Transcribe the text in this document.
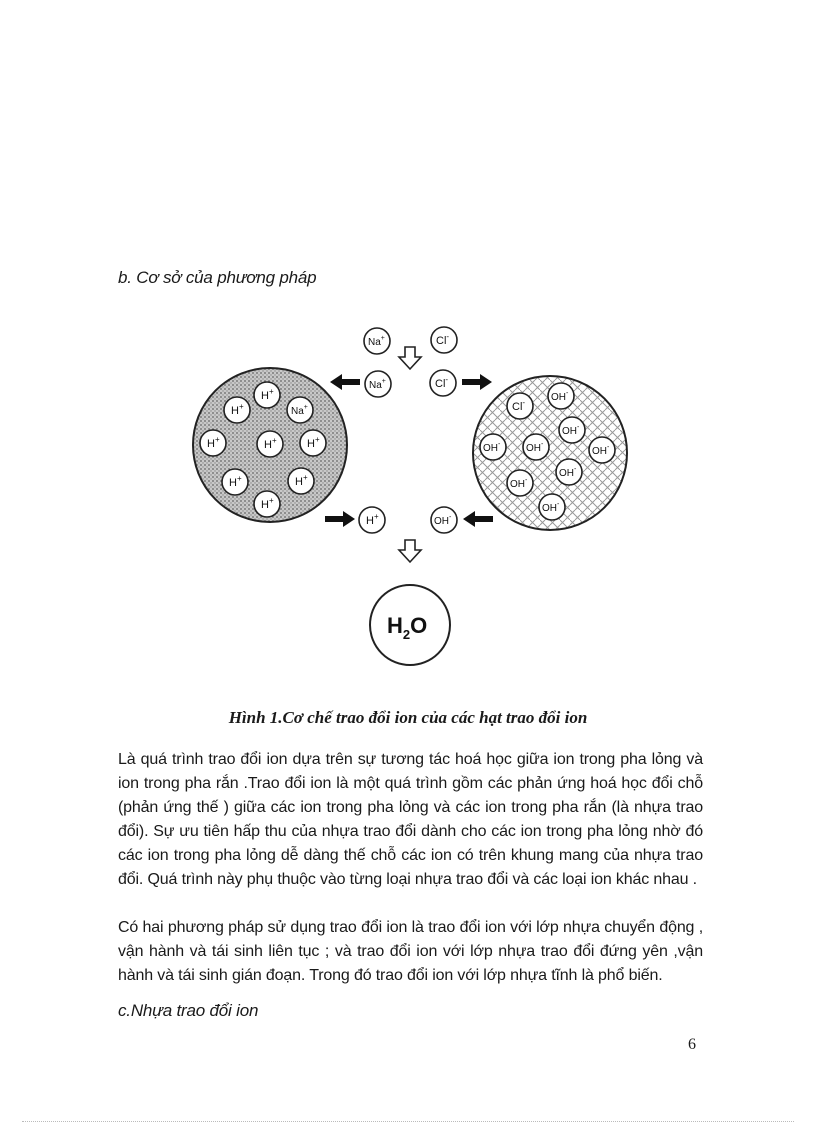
b. Cơ sở của phương pháp
H+
H+	Na+
H+	H+	H+
H+	H+
H+
Cl-	OH-
OH-
OH-	OH-
OH-
OH-
OH-
OH-
Na+	Cl-
Na+	Cl-
H+	OH-
$H_2O$
Hình 1.Cơ chế trao đổi ion của các hạt trao đổi ion
Là quá trình trao đổi ion dựa trên sự tương tác hoá học giữa ion trong pha lỏng và ion trong pha rắn .Trao đổi ion là một quá trình gồm các phản ứng hoá học đổi chỗ (phản ứng thế ) giữa các ion trong pha lỏng và các ion trong pha rắn (là nhựa trao đổi). Sự ưu tiên hấp thu của nhựa trao đổi dành cho các ion trong pha lỏng nhờ đó các ion trong pha lỏng dễ dàng thế chỗ các ion có trên khung mang của nhựa trao đổi. Quá trình này phụ thuộc vào từng loại nhựa trao đổi và các loại ion khác nhau .
Có hai phương pháp sử dụng trao đổi ion là trao đổi ion với lớp nhựa chuyển động , vận hành và tái sinh liên tục ; và trao đổi ion với lớp nhựa trao đổi đứng yên ,vận hành và tái sinh gián đoạn. Trong đó trao đổi ion với lớp nhựa tĩnh là phổ biến.
c.Nhựa trao đổi ion
6
